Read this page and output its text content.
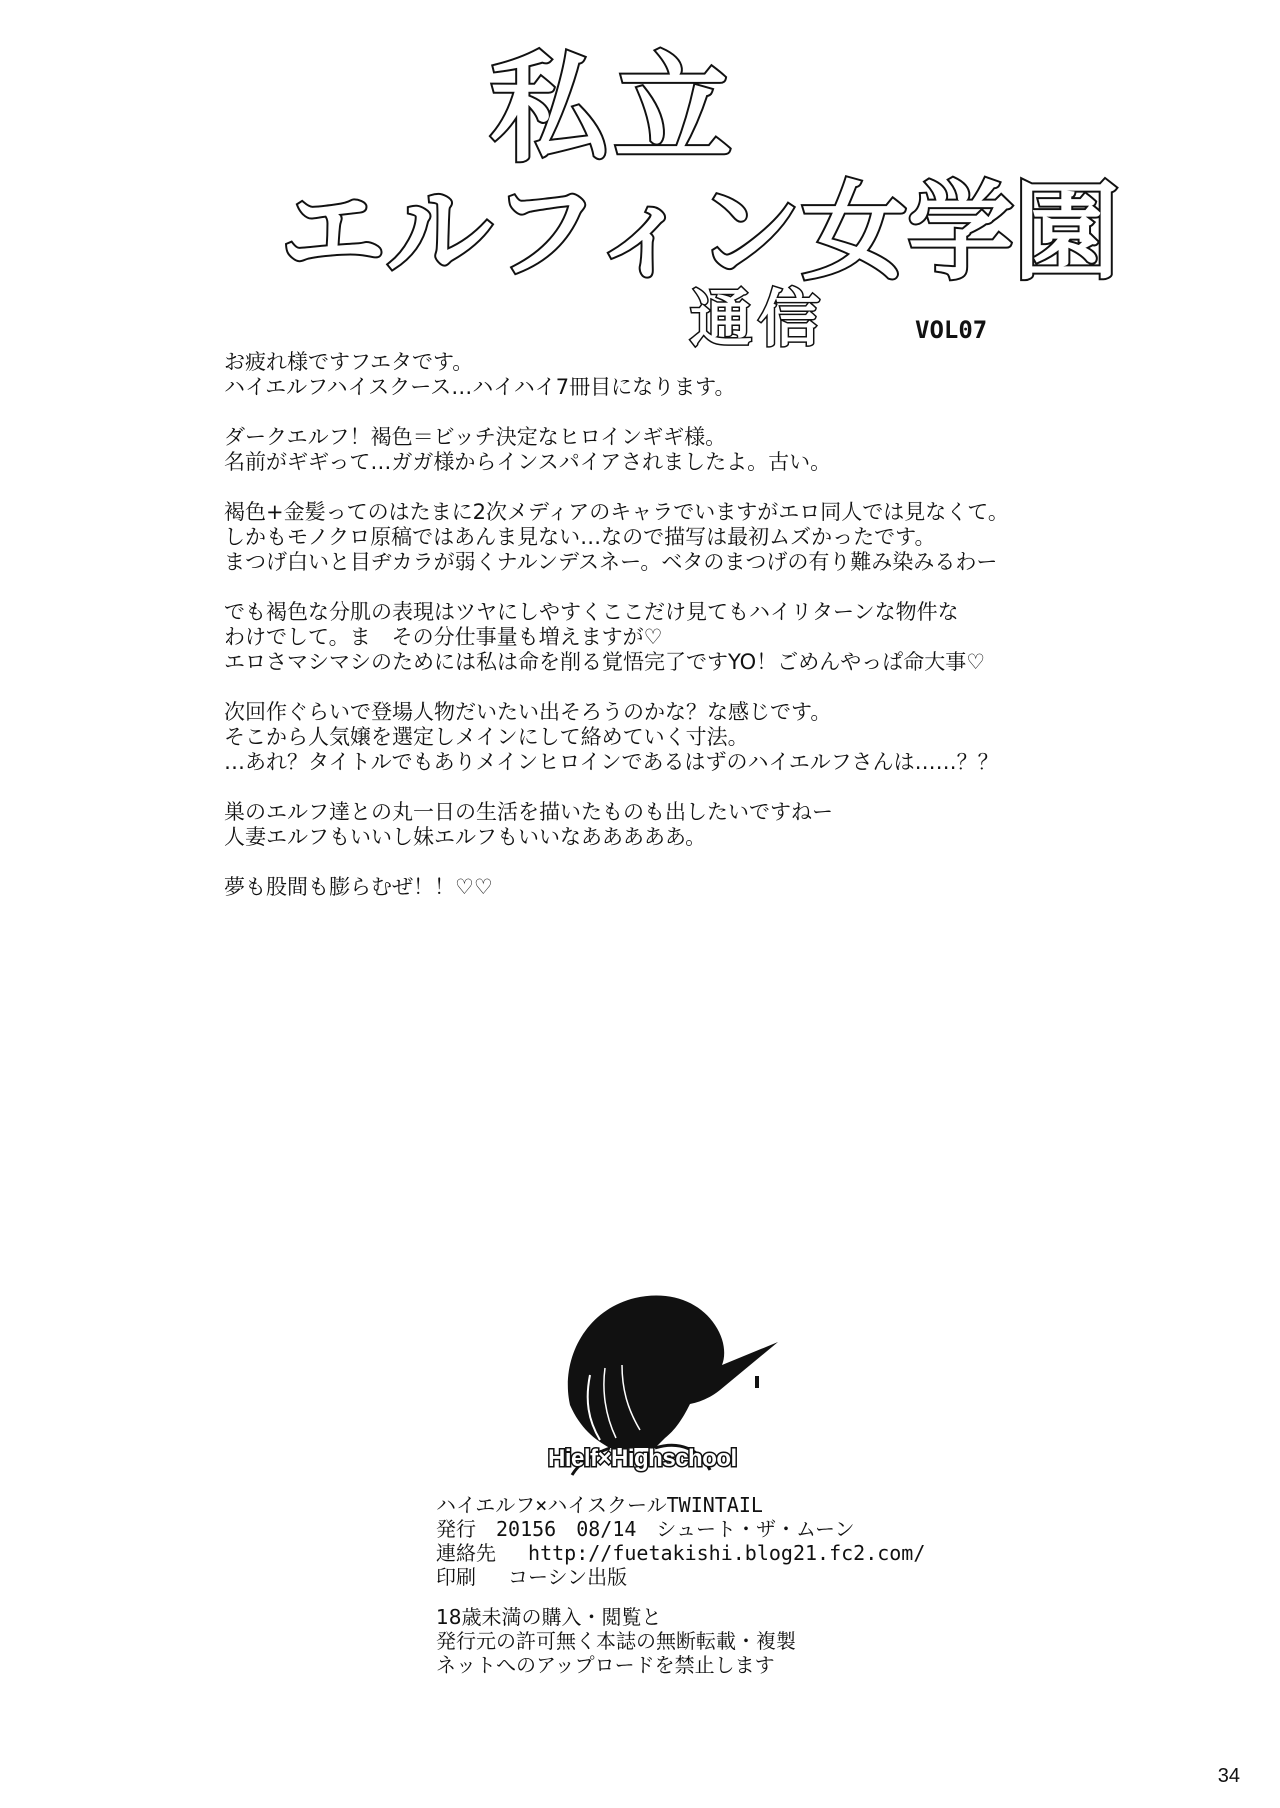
私立
エルフィン女学園
通信	VOL07

お疲れ様ですフエタです。
ハイエルフハイスクース…ハイハイ7冊目になります。

ダークエルフ！褐色＝ビッチ決定なヒロインギギ様。
名前がギギって…ガガ様からインスパイアされましたよ。古い。

褐色+金髪ってのはたまに2次メディアのキャラでいますがエロ同人では見なくて。
しかもモノクロ原稿ではあんま見ない…なので描写は最初ムズかったです。
まつげ白いと目ヂカラが弱くナルンデスネー。ベタのまつげの有り難み染みるわー

でも褐色な分肌の表現はツヤにしやすくここだけ見てもハイリターンな物件な
わけでして。ま　その分仕事量も増えますが♡
エロさマシマシのためには私は命を削る覚悟完了ですYO！ごめんやっぱ命大事♡

次回作ぐらいで登場人物だいたい出そろうのかな？な感じです。
そこから人気嬢を選定しメインにして絡めていく寸法。
…あれ？タイトルでもありメインヒロインであるはずのハイエルフさんは……？？

巣のエルフ達との丸一日の生活を描いたものも出したいですねー
人妻エルフもいいし妹エルフもいいなあああああ。

夢も股間も膨らむぜ！！♡♡

Hielf×Highschool
ハイエルフ×ハイスクールTWINTAIL
発行　20156　08/14　シュート・ザ・ムーン
連絡先　 http://fuetakishi.blog21.fc2.com/
印刷　 コーシン出版
18歳未満の購入・閲覧と
発行元の許可無く本誌の無断転載・複製
ネットへのアップロードを禁止します
34
